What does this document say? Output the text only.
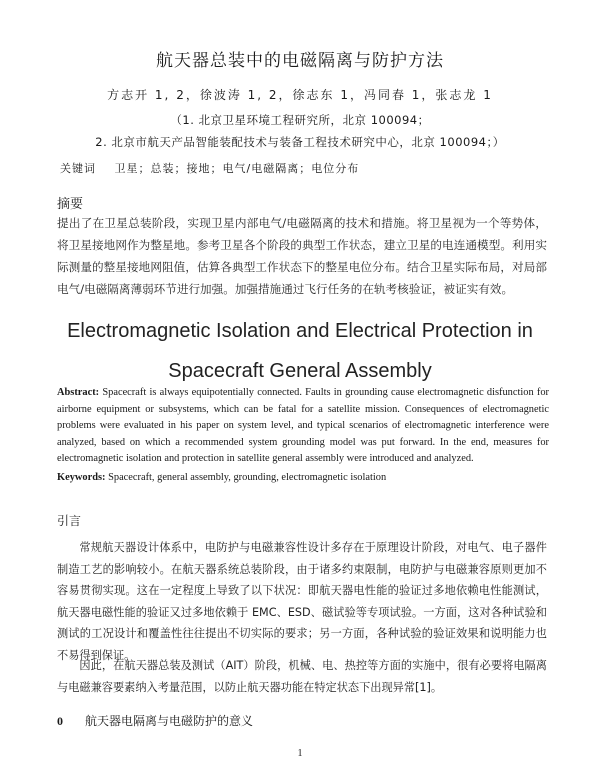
航天器总装中的电磁隔离与防护方法
方志开 1, 2，徐波涛 1, 2，徐志东 1，冯同春 1，张志龙 1
（1. 北京卫星环境工程研究所，北京 100094；
2. 北京市航天产品智能装配技术与装备工程技术研究中心，北京 100094；）
关键词 卫星；总装；接地；电气/电磁隔离；电位分布
摘要

提出了在卫星总装阶段，实现卫星内部电气/电磁隔离的技术和措施。将卫星视为一个等势体，将卫星接地网作为整星地。参考卫星各个阶段的典型工作状态，建立卫星的电连通模型。利用实际测量的整星接地网阻值，估算各典型工作状态下的整星电位分布。结合卫星实际布局，对局部电气/电磁隔离薄弱环节进行加强。加强措施通过飞行任务的在轨考核验证，被证实有效。

Electromagnetic Isolation and Electrical Protection in
Spacecraft General Assembly

Abstract: Spacecraft is always equipotentially connected. Faults in grounding cause electromagnetic disfunction for airborne equipment or subsystems, which can be fatal for a satellite mission. Consequences of electromagnetic problems were evaluated in his paper on system level, and typical scenarios of electromagnetic interference were analyzed, based on which a recommended system grounding model was put forward. In the end, measures for electromagnetic isolation and protection in satellite general assembly were introduced and analyzed.

Keywords: Spacecraft, general assembly, grounding, electromagnetic isolation

引言

常规航天器设计体系中，电防护与电磁兼容性设计多存在于原理设计阶段，对电气、电子器件制造工艺的影响较小。在航天器系统总装阶段，由于诸多约束限制，电防护与电磁兼容原则更加不容易贯彻实现。这在一定程度上导致了以下状况：即航天器电性能的验证过多地依赖电性能测试，航天器电磁性能的验证又过多地依赖于 EMC、ESD、磁试验等专项试验。一方面，这对各种试验和测试的工况设计和覆盖性往往提出不切实际的要求；另一方面，各种试验的验证效果和说明能力也不易得到保证。

因此，在航天器总装及测试（AIT）阶段，机械、电、热控等方面的实施中，很有必要将电隔离与电磁兼容要素纳入考量范围，以防止航天器功能在特定状态下出现异常[1]。

0 航天器电隔离与电磁防护的意义
1
